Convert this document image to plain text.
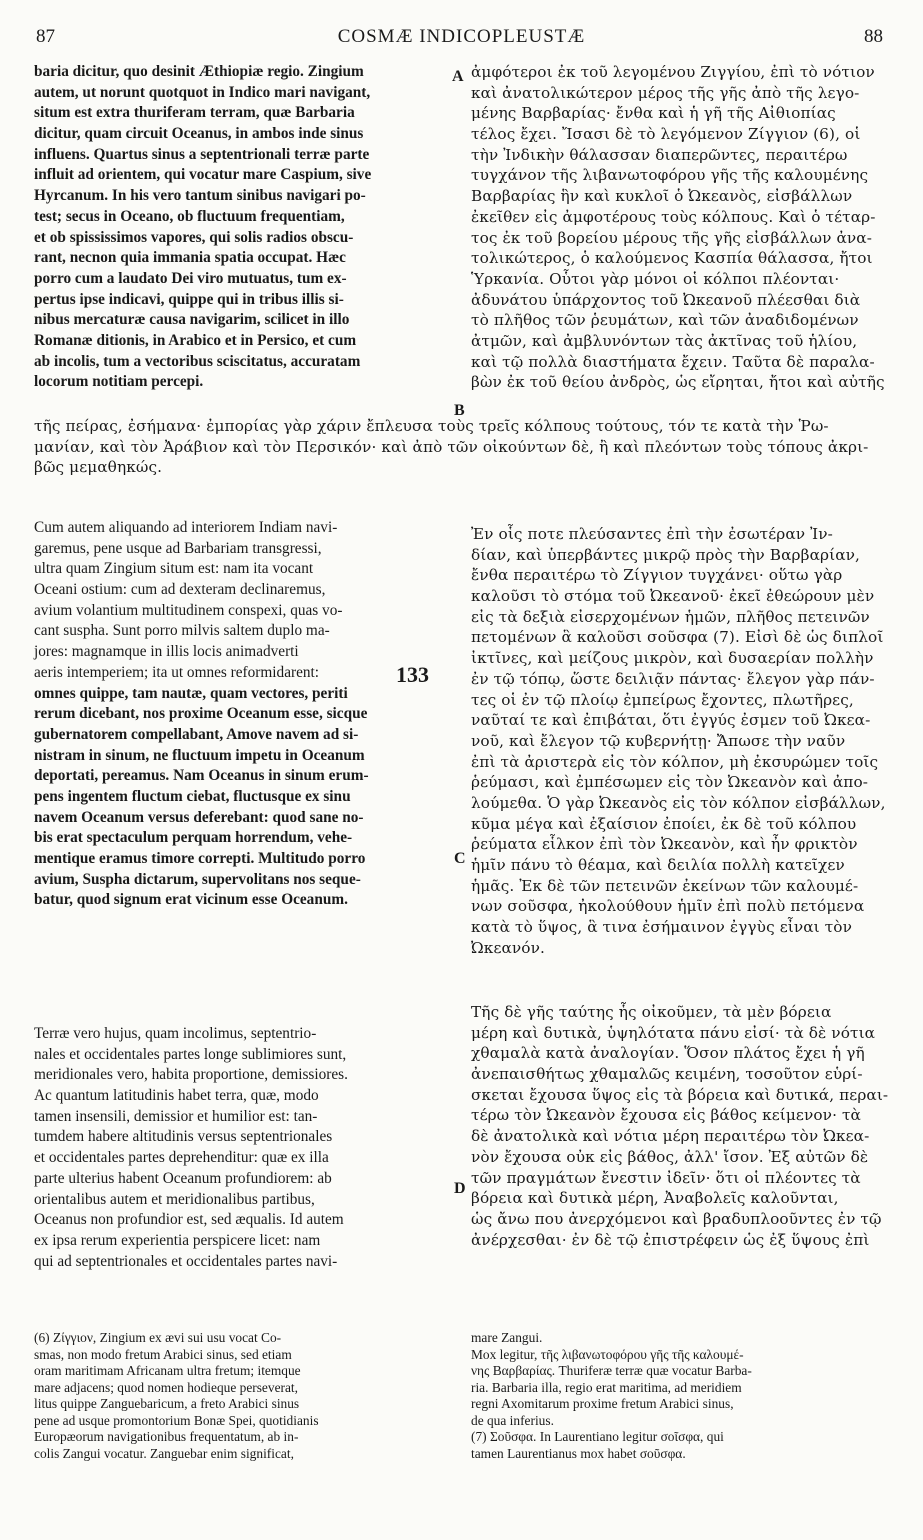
87	COSMÆ INDICOPLEUSTÆ	88
A
B
C
D
baria dicitur, quo desinit Æthiopiæ regio. Zingium
autem, ut norunt quotquot in Indico mari navigant,
situm est extra thuriferam terram, quæ Barbaria
dicitur, quam circuit Oceanus, in ambos inde sinus
influens. Quartus sinus a septentrionali terræ parte
influit ad orientem, qui vocatur mare Caspium, sive
Hyrcanum. In his vero tantum sinibus navigari po-
test; secus in Oceano, ob fluctuum frequentiam,
et ob spississimos vapores, qui solis radios obscu-
rant, necnon quia immania spatia occupat. Hæc
porro cum a laudato Dei viro mutuatus, tum ex-
pertus ipse indicavi, quippe qui in tribus illis si-
nibus mercaturæ causa navigarim, scilicet in illo
Romanæ ditionis, in Arabico et in Persico, et cum
ab incolis, tum a vectoribus sciscitatus, accuratam
locorum notitiam percepi.
ἀμφότεροι ἐκ τοῦ λεγομένου Ζιγγίου, ἐπὶ τὸ νότιον
καὶ ἀνατολικώτερον μέρος τῆς γῆς ἀπὸ τῆς λεγο-
μένης Βαρβαρίας· ἔνθα καὶ ἡ γῆ τῆς Αἰθιοπίας
τέλος ἔχει. Ἴσασι δὲ τὸ λεγόμενον Ζίγγιον (6), οἱ
τὴν Ἰνδικὴν θάλασσαν διαπερῶντες, περαιτέρω
τυγχάνον τῆς λιβανωτοφόρου γῆς τῆς καλουμένης
Βαρβαρίας ἣν καὶ κυκλοῖ ὁ Ὠκεανὸς, εἰσβάλλων
ἐκεῖθεν εἰς ἀμφοτέρους τοὺς κόλπους. Καὶ ὁ τέταρ-
τος ἐκ τοῦ βορείου μέρους τῆς γῆς εἰσβάλλων ἀνα-
τολικώτερος, ὁ καλούμενος Κασπία θάλασσα, ἤτοι
Ὑρκανία. Οὗτοι γὰρ μόνοι οἱ κόλποι πλέονται·
ἀδυνάτου ὑπάρχοντος τοῦ Ὠκεανοῦ πλέεσθαι διὰ
τὸ πλῆθος τῶν ῥευμάτων, καὶ τῶν ἀναδιδομένων
ἀτμῶν, καὶ ἀμβλυνόντων τὰς ἀκτῖνας τοῦ ἡλίου,
καὶ τῷ πολλὰ διαστήματα ἔχειν. Ταῦτα δὲ παραλα-
βὼν ἐκ τοῦ θείου ἀνδρὸς, ὡς εἴρηται, ἤτοι καὶ αὐτῆς
τῆς πείρας, ἐσήμανα· ἐμπορίας γὰρ χάριν ἔπλευσα τοὺς τρεῖς κόλπους τούτους, τόν τε κατὰ τὴν Ῥω-
μανίαν, καὶ τὸν Ἀράβιον καὶ τὸν Περσικόν· καὶ ἀπὸ τῶν οἰκούντων δὲ, ἢ καὶ πλεόντων τοὺς τόπους ἀκρι-
βῶς μεμαθηκώς.
Cum autem aliquando ad interiorem Indiam navi-
garemus, pene usque ad Barbariam transgressi,
ultra quam Zingium situm est: nam ita vocant
Oceani ostium: cum ad dexteram declinaremus,
avium volantium multitudinem conspexi, quas vo-
cant suspha. Sunt porro milvis saltem duplo ma-
jores: magnamque in illis locis animadverti
aeris intemperiem; ita ut omnes reformidarent:
omnes quippe, tam nautæ, quam vectores, periti
rerum dicebant, nos proxime Oceanum esse, sicque
gubernatorem compellabant, Amove navem ad si-
nistram in sinum, ne fluctuum impetu in Oceanum
deportati, pereamus. Nam Oceanus in sinum erum-
pens ingentem fluctum ciebat, fluctusque ex sinu
navem Oceanum versus deferebant: quod sane no-
bis erat spectaculum perquam horrendum, vehe-
mentique eramus timore correpti. Multitudo porro
avium, Suspha dictarum, supervolitans nos seque-
batur, quod signum erat vicinum esse Oceanum.
Ἐν οἷς ποτε πλεύσαντες ἐπὶ τὴν ἐσωτέραν Ἰν-
δίαν, καὶ ὑπερβάντες μικρῷ πρὸς τὴν Βαρβαρίαν,
ἔνθα περαιτέρω τὸ Ζίγγιον τυγχάνει· οὕτω γὰρ
καλοῦσι τὸ στόμα τοῦ Ὠκεανοῦ· ἐκεῖ ἐθεώρουν μὲν
εἰς τὰ δεξιὰ εἰσερχομένων ἡμῶν, πλῆθος πετεινῶν
πετομένων ἃ καλοῦσι σοῦσφα (7). Εἰσὶ δὲ ὡς διπλοῖ
ἰκτῖνες, καὶ μείζους μικρὸν, καὶ δυσαερίαν πολλὴν
ἐν τῷ τόπῳ, ὥστε δειλιᾷν πάντας· ἔλεγον γὰρ πάν-
τες οἱ ἐν τῷ πλοίῳ ἐμπείρως ἔχοντες, πλωτῆρες,
ναῦταί τε καὶ ἐπιβάται, ὅτι ἐγγύς ἐσμεν τοῦ Ὠκεα-
νοῦ, καὶ ἔλεγον τῷ κυβερνήτῃ· Ἄπωσε τὴν ναῦν
ἐπὶ τὰ ἀριστερὰ εἰς τὸν κόλπον, μὴ ἐκσυρώμεν τοῖς
ῥεύμασι, καὶ ἐμπέσωμεν εἰς τὸν Ὠκεανὸν καὶ ἀπο-
λούμεθα. Ὁ γὰρ Ὠκεανὸς εἰς τὸν κόλπον εἰσβάλλων,
κῦμα μέγα καὶ ἐξαίσιον ἐποίει, ἐκ δὲ τοῦ κόλπου
ῥεύματα εἷλκον ἐπὶ τὸν Ὠκεανὸν, καὶ ἦν φρικτὸν
ἡμῖν πάνυ τὸ θέαμα, καὶ δειλία πολλὴ κατεῖχεν
ἡμᾶς. Ἐκ δὲ τῶν πετεινῶν ἐκείνων τῶν καλουμέ-
νων σοῦσφα, ἠκολούθουν ἡμῖν ἐπὶ πολὺ πετόμενα
κατὰ τὸ ὕψος, ἃ τινα ἐσήμαινον ἐγγὺς εἶναι τὸν
Ὠκεανόν.
133
Terræ vero hujus, quam incolimus, septentrio-
nales et occidentales partes longe sublimiores sunt,
meridionales vero, habita proportione, demissiores.
Ac quantum latitudinis habet terra, quæ, modo
tamen insensili, demissior et humilior est: tan-
tumdem habere altitudinis versus septentrionales
et occidentales partes deprehenditur: quæ ex illa
parte ulterius habent Oceanum profundiorem: ab
orientalibus autem et meridionalibus partibus,
Oceanus non profundior est, sed æqualis. Id autem
ex ipsa rerum experientia perspicere licet: nam
qui ad septentrionales et occidentales partes navi-
Τῆς δὲ γῆς ταύτης ἧς οἰκοῦμεν, τὰ μὲν βόρεια
μέρη καὶ δυτικὰ, ὑψηλότατα πάνυ εἰσί· τὰ δὲ νότια
χθαμαλὰ κατὰ ἀναλογίαν. Ὅσον πλάτος ἔχει ἡ γῆ
ἀνεπαισθήτως χθαμαλῶς κειμένη, τοσοῦτον εὑρί-
σκεται ἔχουσα ὕψος εἰς τὰ βόρεια καὶ δυτικά, περαι-
τέρω τὸν Ὠκεανὸν ἔχουσα εἰς βάθος κείμενον· τὰ
δὲ ἀνατολικὰ καὶ νότια μέρη περαιτέρω τὸν Ὠκεα-
νὸν ἔχουσα οὐκ εἰς βάθος, ἀλλ' ἴσον. Ἐξ αὐτῶν δὲ
τῶν πραγμάτων ἔνεστιν ἰδεῖν· ὅτι οἱ πλέοντες τὰ
βόρεια καὶ δυτικὰ μέρη, Ἀναβολεῖς καλοῦνται,
ὡς ἄνω που ἀνερχόμενοι καὶ βραδυπλοοῦντες ἐν τῷ
ἀνέρχεσθαι· ἐν δὲ τῷ ἐπιστρέφειν ὡς ἐξ ὕψους ἐπὶ
(6) Ζίγγιον, Zingium ex ævi sui usu vocat Co-
smas, non modo fretum Arabici sinus, sed etiam
oram maritimam Africanam ultra fretum; itemque
mare adjacens; quod nomen hodieque perseverat,
litus quippe Zanguebaricum, a freto Arabici sinus
pene ad usque promontorium Bonæ Spei, quotidianis
Europæorum navigationibus frequentatum, ab in-
colis Zangui vocatur. Zanguebar enim significat,
mare Zangui.
Mox legitur, τῆς λιβανωτοφόρου γῆς τῆς καλουμέ-
νης Βαρβαρίας. Thuriferæ terræ quæ vocatur Barba-
ria. Barbaria illa, regio erat maritima, ad meridiem
regni Axomitarum proxime fretum Arabici sinus,
de qua inferius.
(7) Σοῦσφα. In Laurentiano legitur σοῖσφα, qui
tamen Laurentianus mox habet σοῦσφα.
